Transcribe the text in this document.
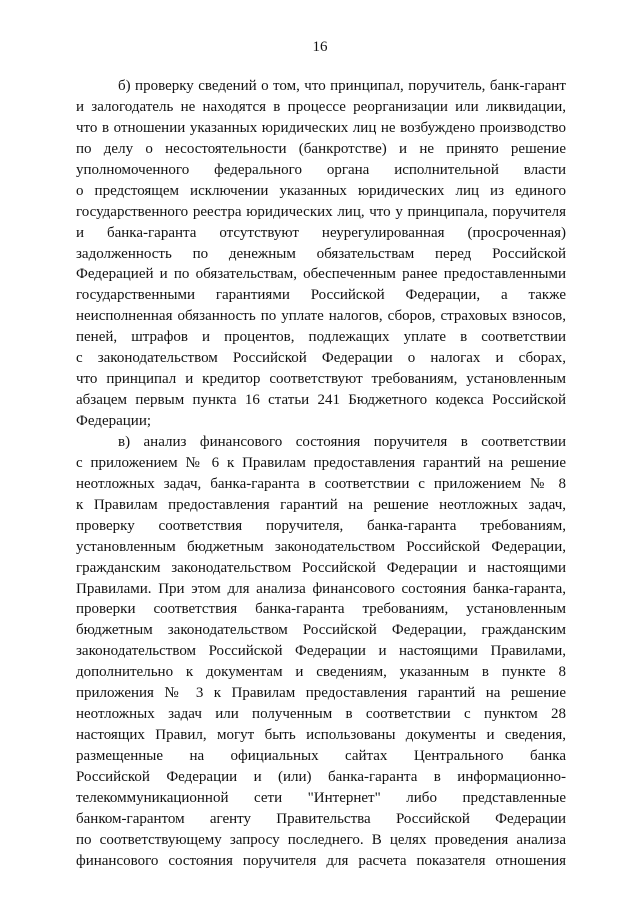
16
б) проверку сведений о том, что принципал, поручитель, банк-гарант
и залогодатель не находятся в процессе реорганизации или ликвидации,
что в отношении указанных юридических лиц не возбуждено производство
по делу о несостоятельности (банкротстве) и не принято решение
уполномоченного федерального органа исполнительной власти
о предстоящем исключении указанных юридических лиц из единого
государственного реестра юридических лиц, что у принципала, поручителя
и банка-гаранта отсутствуют неурегулированная (просроченная)
задолженность по денежным обязательствам перед Российской
Федерацией и по обязательствам, обеспеченным ранее предоставленными
государственными гарантиями Российской Федерации, а также
неисполненная обязанность по уплате налогов, сборов, страховых взносов,
пеней, штрафов и процентов, подлежащих уплате в соответствии
с законодательством Российской Федерации о налогах и сборах,
что принципал и кредитор соответствуют требованиям, установленным
абзацем первым пункта 16 статьи 241 Бюджетного кодекса Российской
Федерации;
в) анализ финансового состояния поручителя в соответствии
с приложением № 6 к Правилам предоставления гарантий на решение
неотложных задач, банка-гаранта в соответствии с приложением № 8
к Правилам предоставления гарантий на решение неотложных задач,
проверку соответствия поручителя, банка-гаранта требованиям,
установленным бюджетным законодательством Российской Федерации,
гражданским законодательством Российской Федерации и настоящими
Правилами. При этом для анализа финансового состояния банка-гаранта,
проверки соответствия банка-гаранта требованиям, установленным
бюджетным законодательством Российской Федерации, гражданским
законодательством Российской Федерации и настоящими Правилами,
дополнительно к документам и сведениям, указанным в пункте 8
приложения № 3 к Правилам предоставления гарантий на решение
неотложных задач или полученным в соответствии с пунктом 28
настоящих Правил, могут быть использованы документы и сведения,
размещенные на официальных сайтах Центрального банка
Российской Федерации и (или) банка-гаранта в информационно-
телекоммуникационной сети "Интернет" либо представленные
банком-гарантом агенту Правительства Российской Федерации
по соответствующему запросу последнего. В целях проведения анализа
финансового состояния поручителя для расчета показателя отношения
